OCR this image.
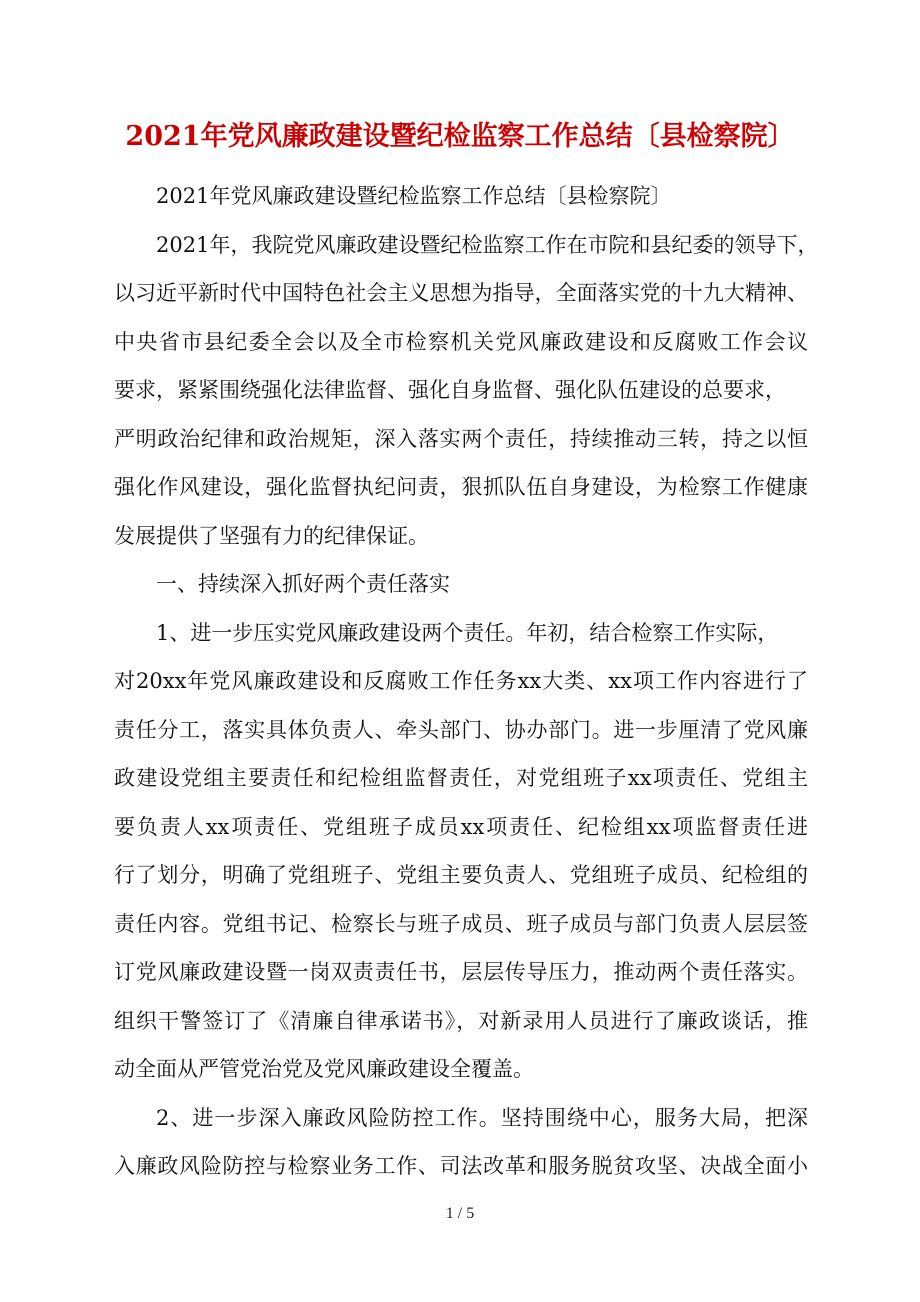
2021年党风廉政建设暨纪检监察工作总结〔县检察院〕
2021年党风廉政建设暨纪检监察工作总结〔县检察院〕
2021年，我院党风廉政建设暨纪检监察工作在市院和县纪委的领导下，
以习近平新时代中国特色社会主义思想为指导，全面落实党的十九大精神、
中央省市县纪委全会以及全市检察机关党风廉政建设和反腐败工作会议
要求，紧紧围绕强化法律监督、强化自身监督、强化队伍建设的总要求，
严明政治纪律和政治规矩，深入落实两个责任，持续推动三转，持之以恒
强化作风建设，强化监督执纪问责，狠抓队伍自身建设，为检察工作健康
发展提供了坚强有力的纪律保证。
一、持续深入抓好两个责任落实
1、进一步压实党风廉政建设两个责任。年初，结合检察工作实际，
对20xx年党风廉政建设和反腐败工作任务xx大类、xx项工作内容进行了
责任分工，落实具体负责人、牵头部门、协办部门。进一步厘清了党风廉
政建设党组主要责任和纪检组监督责任，对党组班子xx项责任、党组主
要负责人xx项责任、党组班子成员xx项责任、纪检组xx项监督责任进
行了划分，明确了党组班子、党组主要负责人、党组班子成员、纪检组的
责任内容。党组书记、检察长与班子成员、班子成员与部门负责人层层签
订党风廉政建设暨一岗双责责任书，层层传导压力，推动两个责任落实。
组织干警签订了《清廉自律承诺书》，对新录用人员进行了廉政谈话，推
动全面从严管党治党及党风廉政建设全覆盖。
2、进一步深入廉政风险防控工作。坚持围绕中心，服务大局，把深
入廉政风险防控与检察业务工作、司法改革和服务脱贫攻坚、决战全面小
1 / 5
